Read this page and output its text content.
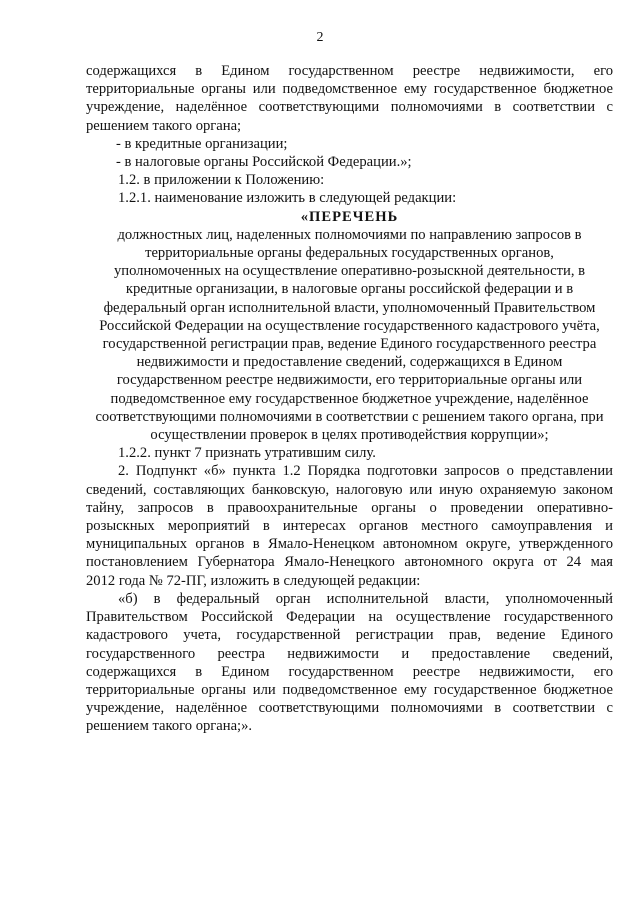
2
содержащихся в Едином государственном реестре недвижимости, его
территориальные органы или подведомственное ему государственное бюджетное
учреждение, наделённое соответствующими полномочиями в соответствии с
решением такого органа;
- в кредитные организации;
- в налоговые органы Российской Федерации.»;
1.2. в приложении к Положению:
1.2.1. наименование изложить в следующей редакции:
«ПЕРЕЧЕНЬ
должностных лиц, наделенных полномочиями по направлению запросов в
территориальные органы федеральных государственных органов,
уполномоченных на осуществление оперативно-розыскной деятельности, в
кредитные организации, в налоговые органы российской федерации и в
федеральный орган исполнительной власти, уполномоченный Правительством
Российской Федерации на осуществление государственного кадастрового учёта,
государственной регистрации прав, ведение Единого государственного реестра
недвижимости и предоставление сведений, содержащихся в Едином
государственном реестре недвижимости, его территориальные органы или
подведомственное ему государственное бюджетное учреждение, наделённое
соответствующими полномочиями в соответствии с решением такого органа, при
осуществлении проверок в целях противодействия коррупции»;
1.2.2. пункт 7 признать утратившим силу.
2. Подпункт «б» пункта 1.2 Порядка подготовки запросов о представлении
сведений, составляющих банковскую, налоговую или иную охраняемую законом
тайну, запросов в правоохранительные органы о проведении оперативно-
розыскных мероприятий в интересах органов местного самоуправления и
муниципальных органов в Ямало-Ненецком автономном округе, утвержденного
постановлением Губернатора Ямало-Ненецкого автономного округа от 24 мая
2012 года № 72-ПГ, изложить в следующей редакции:
«б) в федеральный орган исполнительной власти, уполномоченный
Правительством Российской Федерации на осуществление государственного
кадастрового учета, государственной регистрации прав, ведение Единого
государственного реестра недвижимости и предоставление сведений,
содержащихся в Едином государственном реестре недвижимости, его
территориальные органы или подведомственное ему государственное бюджетное
учреждение, наделённое соответствующими полномочиями в соответствии с
решением такого органа;».
